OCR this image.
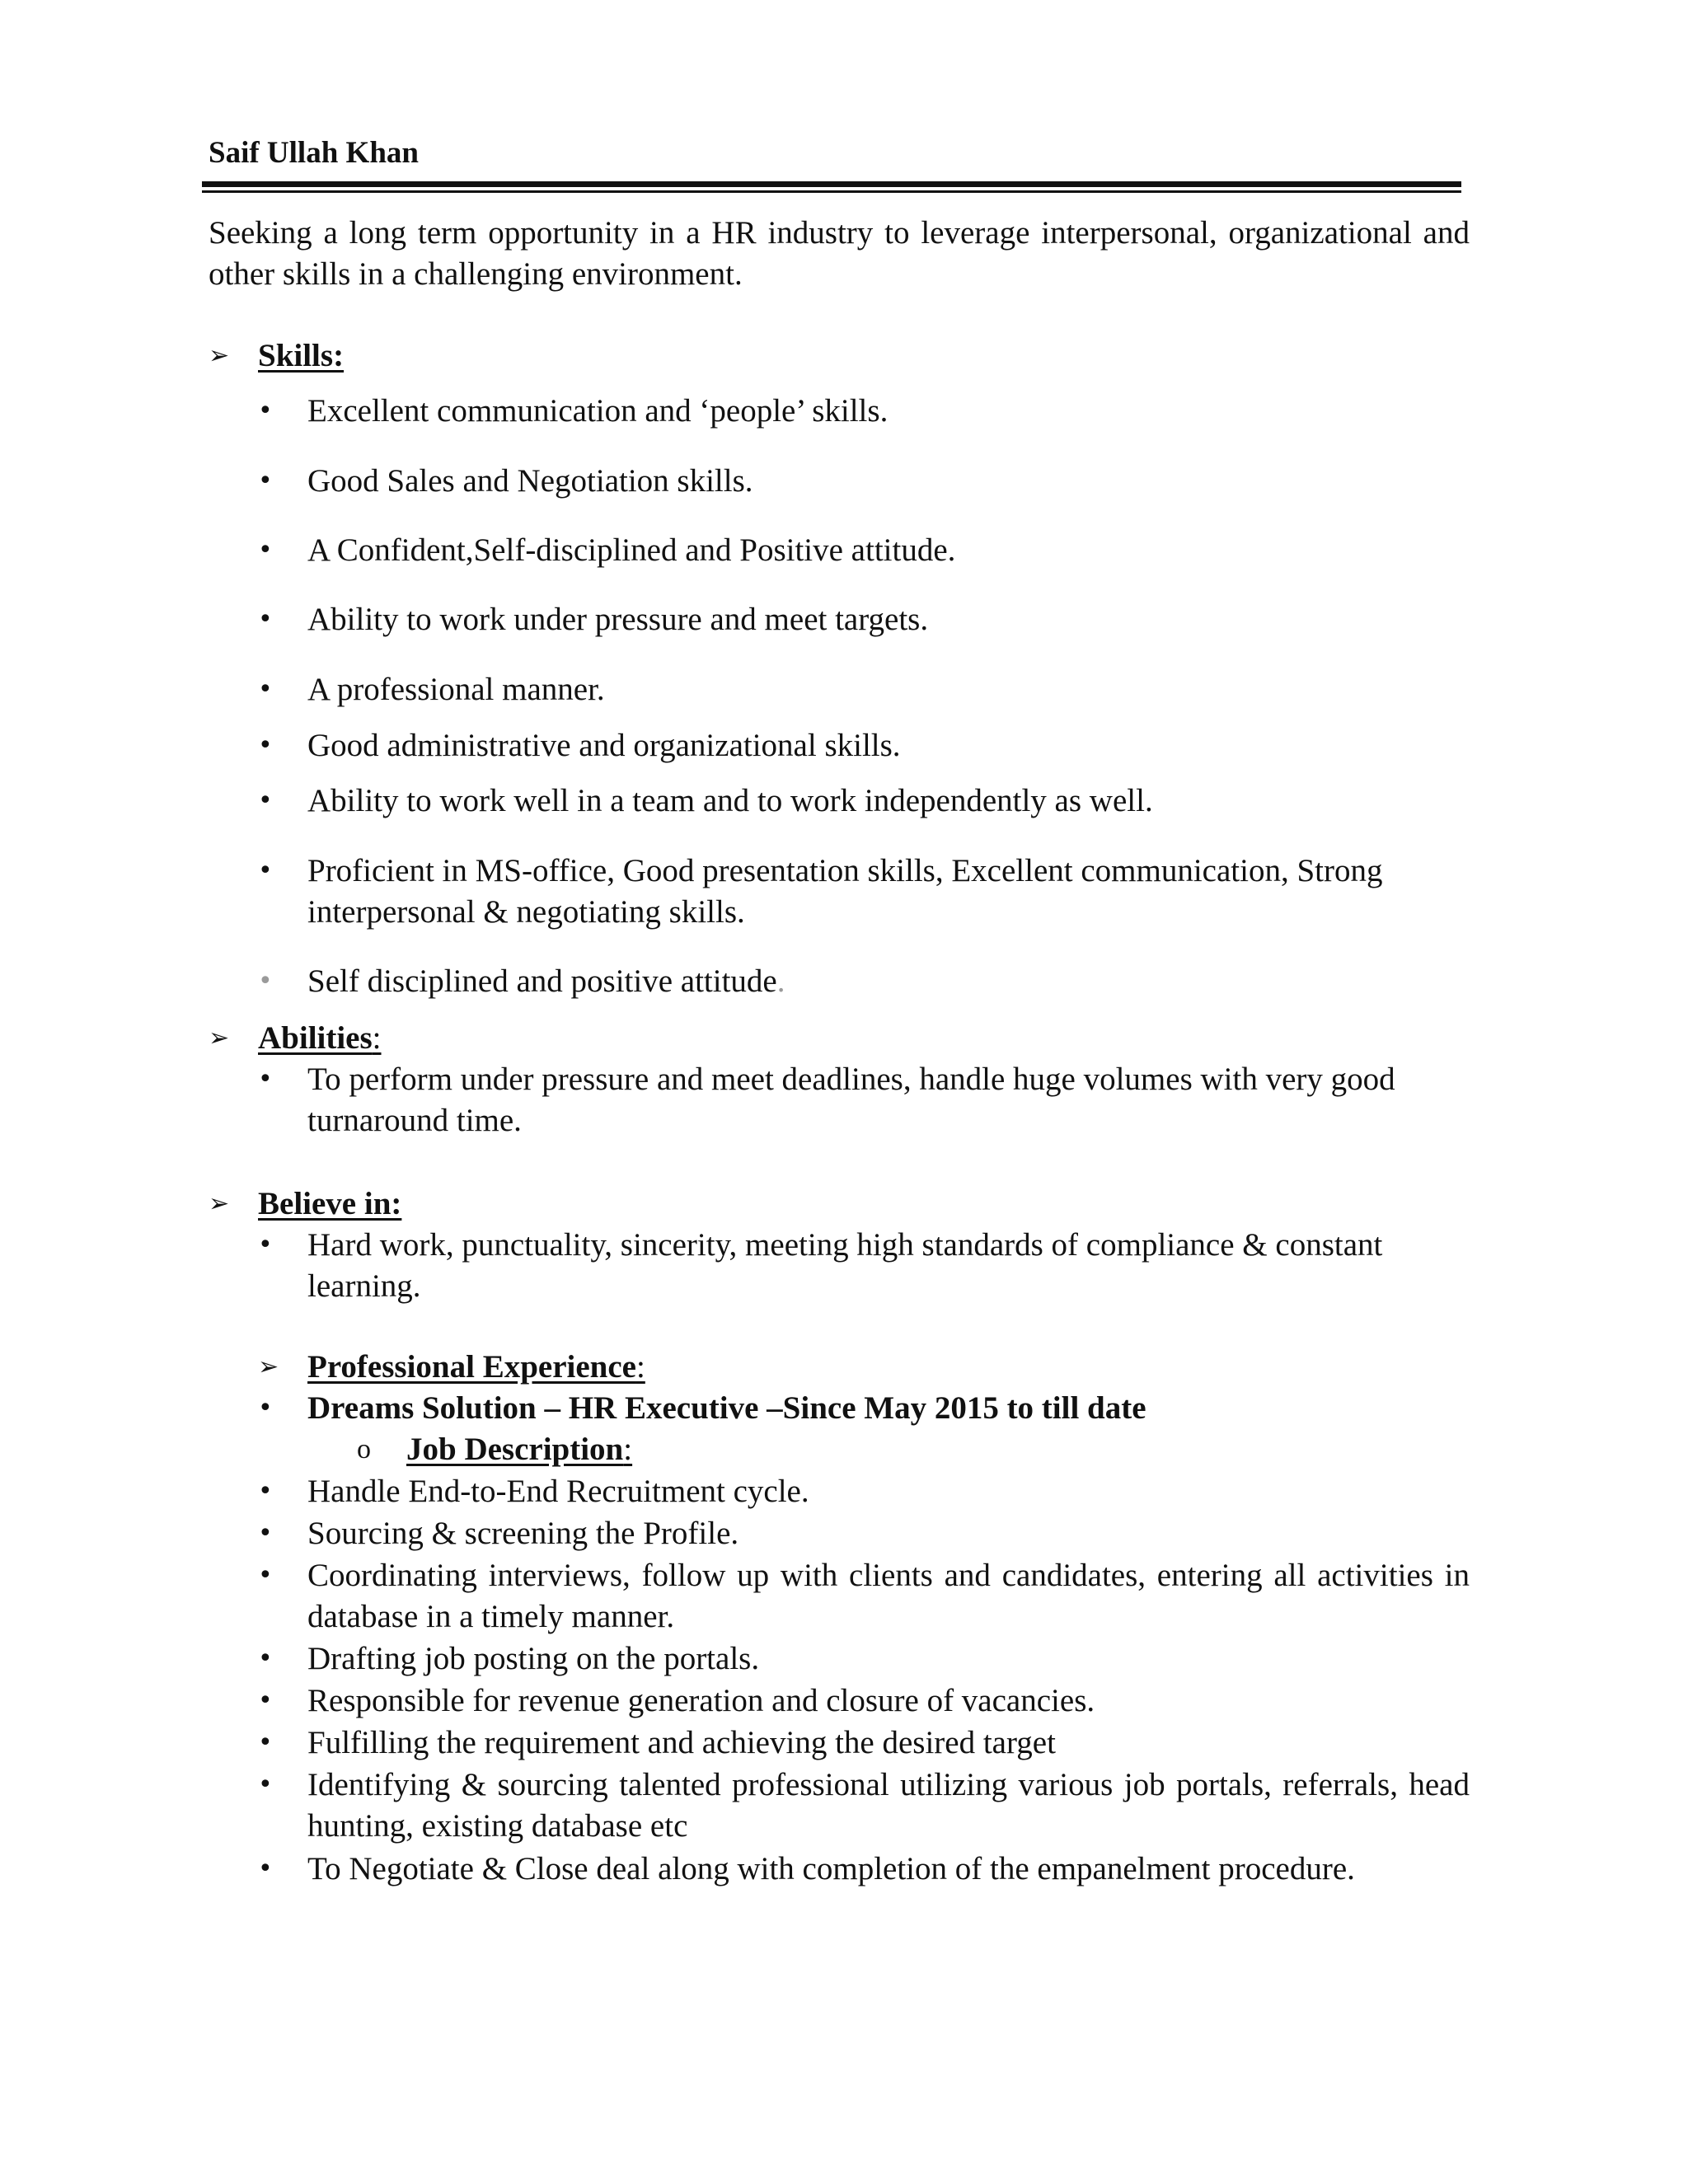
Saif Ullah Khan
Seeking a long term opportunity in a HR industry to leverage interpersonal, organizational and other skills in a challenging environment.
➢ Skills:
• Excellent communication and ‘people’ skills.
• Good Sales and Negotiation skills.
• A Confident,Self-disciplined and Positive attitude.
• Ability to work under pressure and meet targets.
• A professional manner.
• Good administrative and organizational skills.
• Ability to work well in a team and to work independently as well.
• Proficient in MS-office, Good presentation skills, Excellent communication, Strong interpersonal & negotiating skills.
• Self disciplined and positive attitude.
➢ Abilities:
• To perform under pressure and meet deadlines, handle huge volumes with very good turnaround time.
➢ Believe in:
• Hard work, punctuality, sincerity, meeting high standards of compliance & constant learning.
➢ Professional Experience:
• Dreams Solution – HR Executive –Since May 2015 to till date
o Job Description:
• Handle End-to-End Recruitment cycle.
• Sourcing & screening the Profile.
• Coordinating interviews, follow up with clients and candidates, entering all activities in database in a timely manner.
• Drafting job posting on the portals.
• Responsible for revenue generation and closure of vacancies.
• Fulfilling the requirement and achieving the desired target
• Identifying & sourcing talented professional utilizing various job portals, referrals, head hunting, existing database etc
• To Negotiate & Close deal along with completion of the empanelment procedure.
